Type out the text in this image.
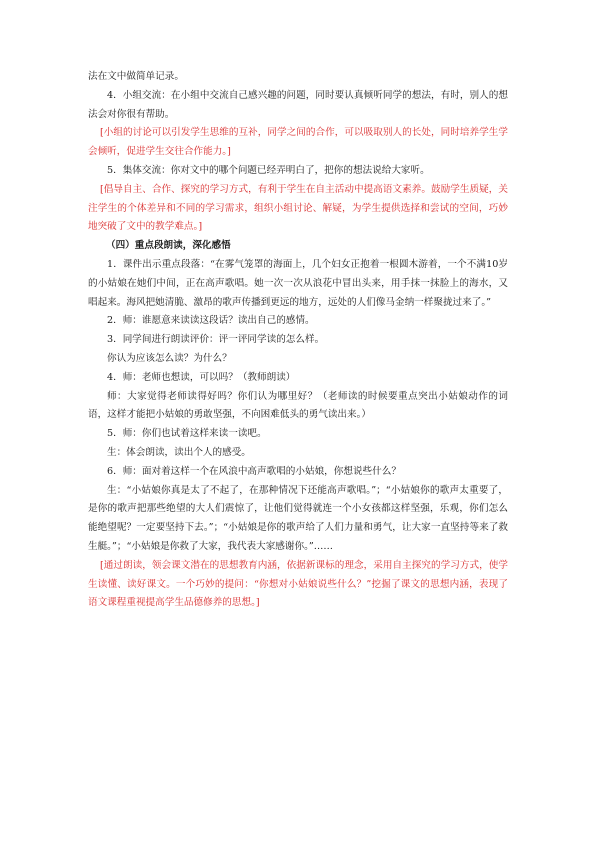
法在文中做简单记录。

4．小组交流：在小组中交流自己感兴趣的问题，同时要认真倾听同学的想法，有时，别人的想法会对你很有帮助。

[小组的讨论可以引发学生思维的互补，同学之间的合作，可以吸取别人的长处，同时培养学生学会倾听，促进学生交往合作能力。]

5．集体交流：你对文中的哪个问题已经弄明白了，把你的想法说给大家听。

[倡导自主、合作、探究的学习方式，有利于学生在自主活动中提高语文素养。鼓励学生质疑，关注学生的个体差异和不同的学习需求，组织小组讨论、解疑，为学生提供选择和尝试的空间，巧妙地突破了文中的教学难点。]

（四）重点段朗读，深化感悟

1．课件出示重点段落：“在雾气笼罩的海面上，几个妇女正抱着一根圆木游着，一个不满10岁的小姑娘在她们中间，正在高声歌唱。她一次一次从浪花中冒出头来，用手抹一抹脸上的海水，又唱起来。海风把她清脆、激昂的歌声传播到更远的地方，远处的人们像马金纳一样聚拢过来了。”

2．师：谁愿意来读读这段话？读出自己的感情。

3．同学间进行朗读评价：评一评同学读的怎么样。

你认为应该怎么读？为什么？

4．师：老师也想读，可以吗？（教师朗读）

师：大家觉得老师读得好吗？你们认为哪里好？（老师读的时候要重点突出小姑娘动作的词语，这样才能把小姑娘的勇敢坚强，不向困难低头的勇气读出来。）

5．师：你们也试着这样来读一读吧。

生：体会朗读，读出个人的感受。

6．师：面对着这样一个在风浪中高声歌唱的小姑娘，你想说些什么？

生：“小姑娘你真是太了不起了，在那种情况下还能高声歌唱。”；“小姑娘你的歌声太重要了，是你的歌声把那些绝望的大人们震惊了，让他们觉得就连一个小女孩都这样坚强，乐观，你们怎么能绝望呢？一定要坚持下去。”；“小姑娘是你的歌声给了人们力量和勇气，让大家一直坚持等来了救生艇。”；“小姑娘是你救了大家，我代表大家感谢你。”……

[通过朗读，领会课文潜在的思想教育内涵，依据新课标的理念，采用自主探究的学习方式，使学生读懂、读好课文。一个巧妙的提问：“你想对小姑娘说些什么？”挖掘了课文的思想内涵，表现了语文课程重视提高学生品德修养的思想。]
